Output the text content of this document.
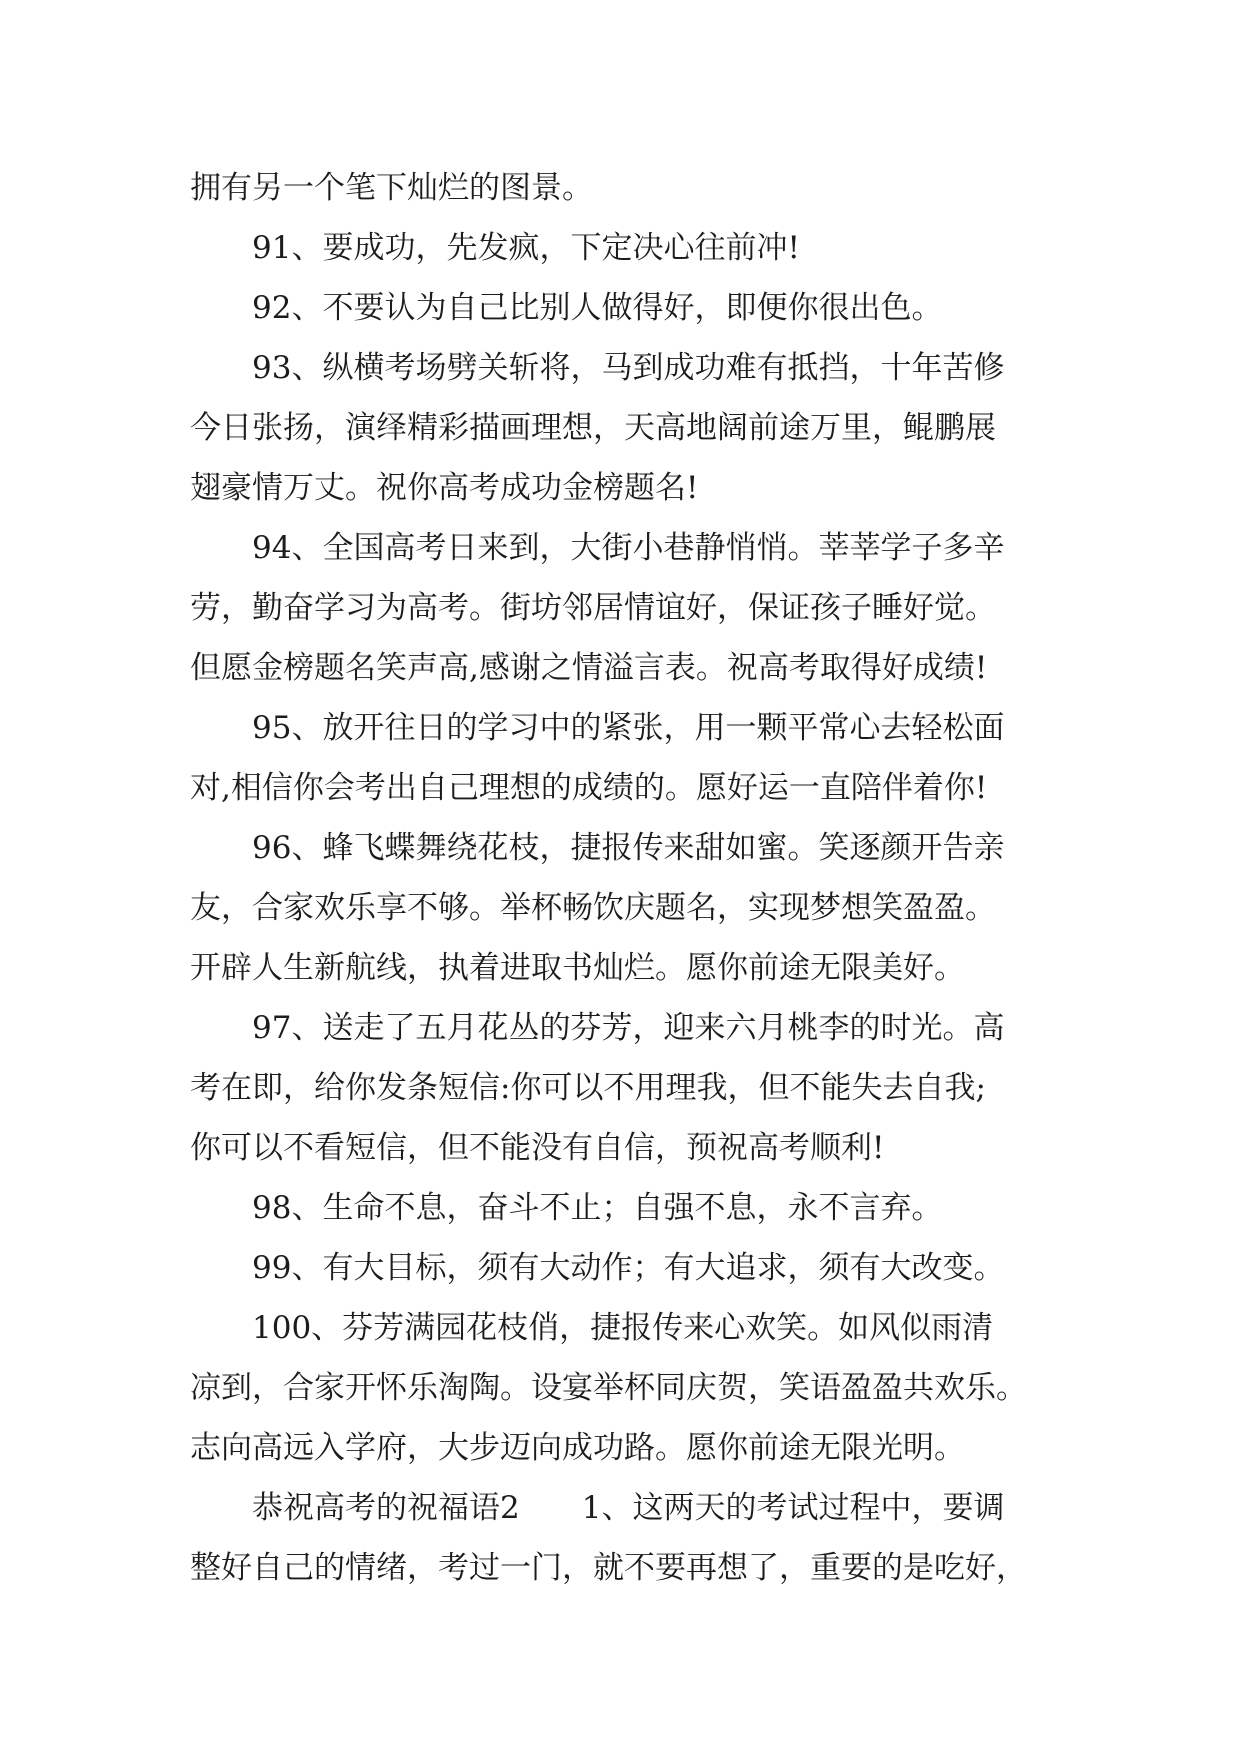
拥有另一个笔下灿烂的图景。
91、要成功，先发疯，下定决心往前冲!
92、不要认为自己比别人做得好，即便你很出色。
93、纵横考场劈关斩将，马到成功难有抵挡，十年苦修
今日张扬，演绎精彩描画理想，天高地阔前途万里，鲲鹏展
翅豪情万丈。祝你高考成功金榜题名!
94、全国高考日来到，大街小巷静悄悄。莘莘学子多辛
劳，勤奋学习为高考。街坊邻居情谊好，保证孩子睡好觉。
但愿金榜题名笑声高,感谢之情溢言表。祝高考取得好成绩!
95、放开往日的学习中的紧张，用一颗平常心去轻松面
对,相信你会考出自己理想的成绩的。愿好运一直陪伴着你!
96、蜂飞蝶舞绕花枝，捷报传来甜如蜜。笑逐颜开告亲
友，合家欢乐享不够。举杯畅饮庆题名，实现梦想笑盈盈。
开辟人生新航线，执着进取书灿烂。愿你前途无限美好。
97、送走了五月花丛的芬芳，迎来六月桃李的时光。高
考在即，给你发条短信:你可以不用理我，但不能失去自我;
你可以不看短信，但不能没有自信，预祝高考顺利!
98、生命不息，奋斗不止；自强不息，永不言弃。
99、有大目标，须有大动作；有大追求，须有大改变。
100、芬芳满园花枝俏，捷报传来心欢笑。如风似雨清
凉到，合家开怀乐淘陶。设宴举杯同庆贺，笑语盈盈共欢乐。
志向高远入学府，大步迈向成功路。愿你前途无限光明。
恭祝高考的祝福语2　　1、这两天的考试过程中，要调
整好自己的情绪，考过一门，就不要再想了，重要的是吃好，
